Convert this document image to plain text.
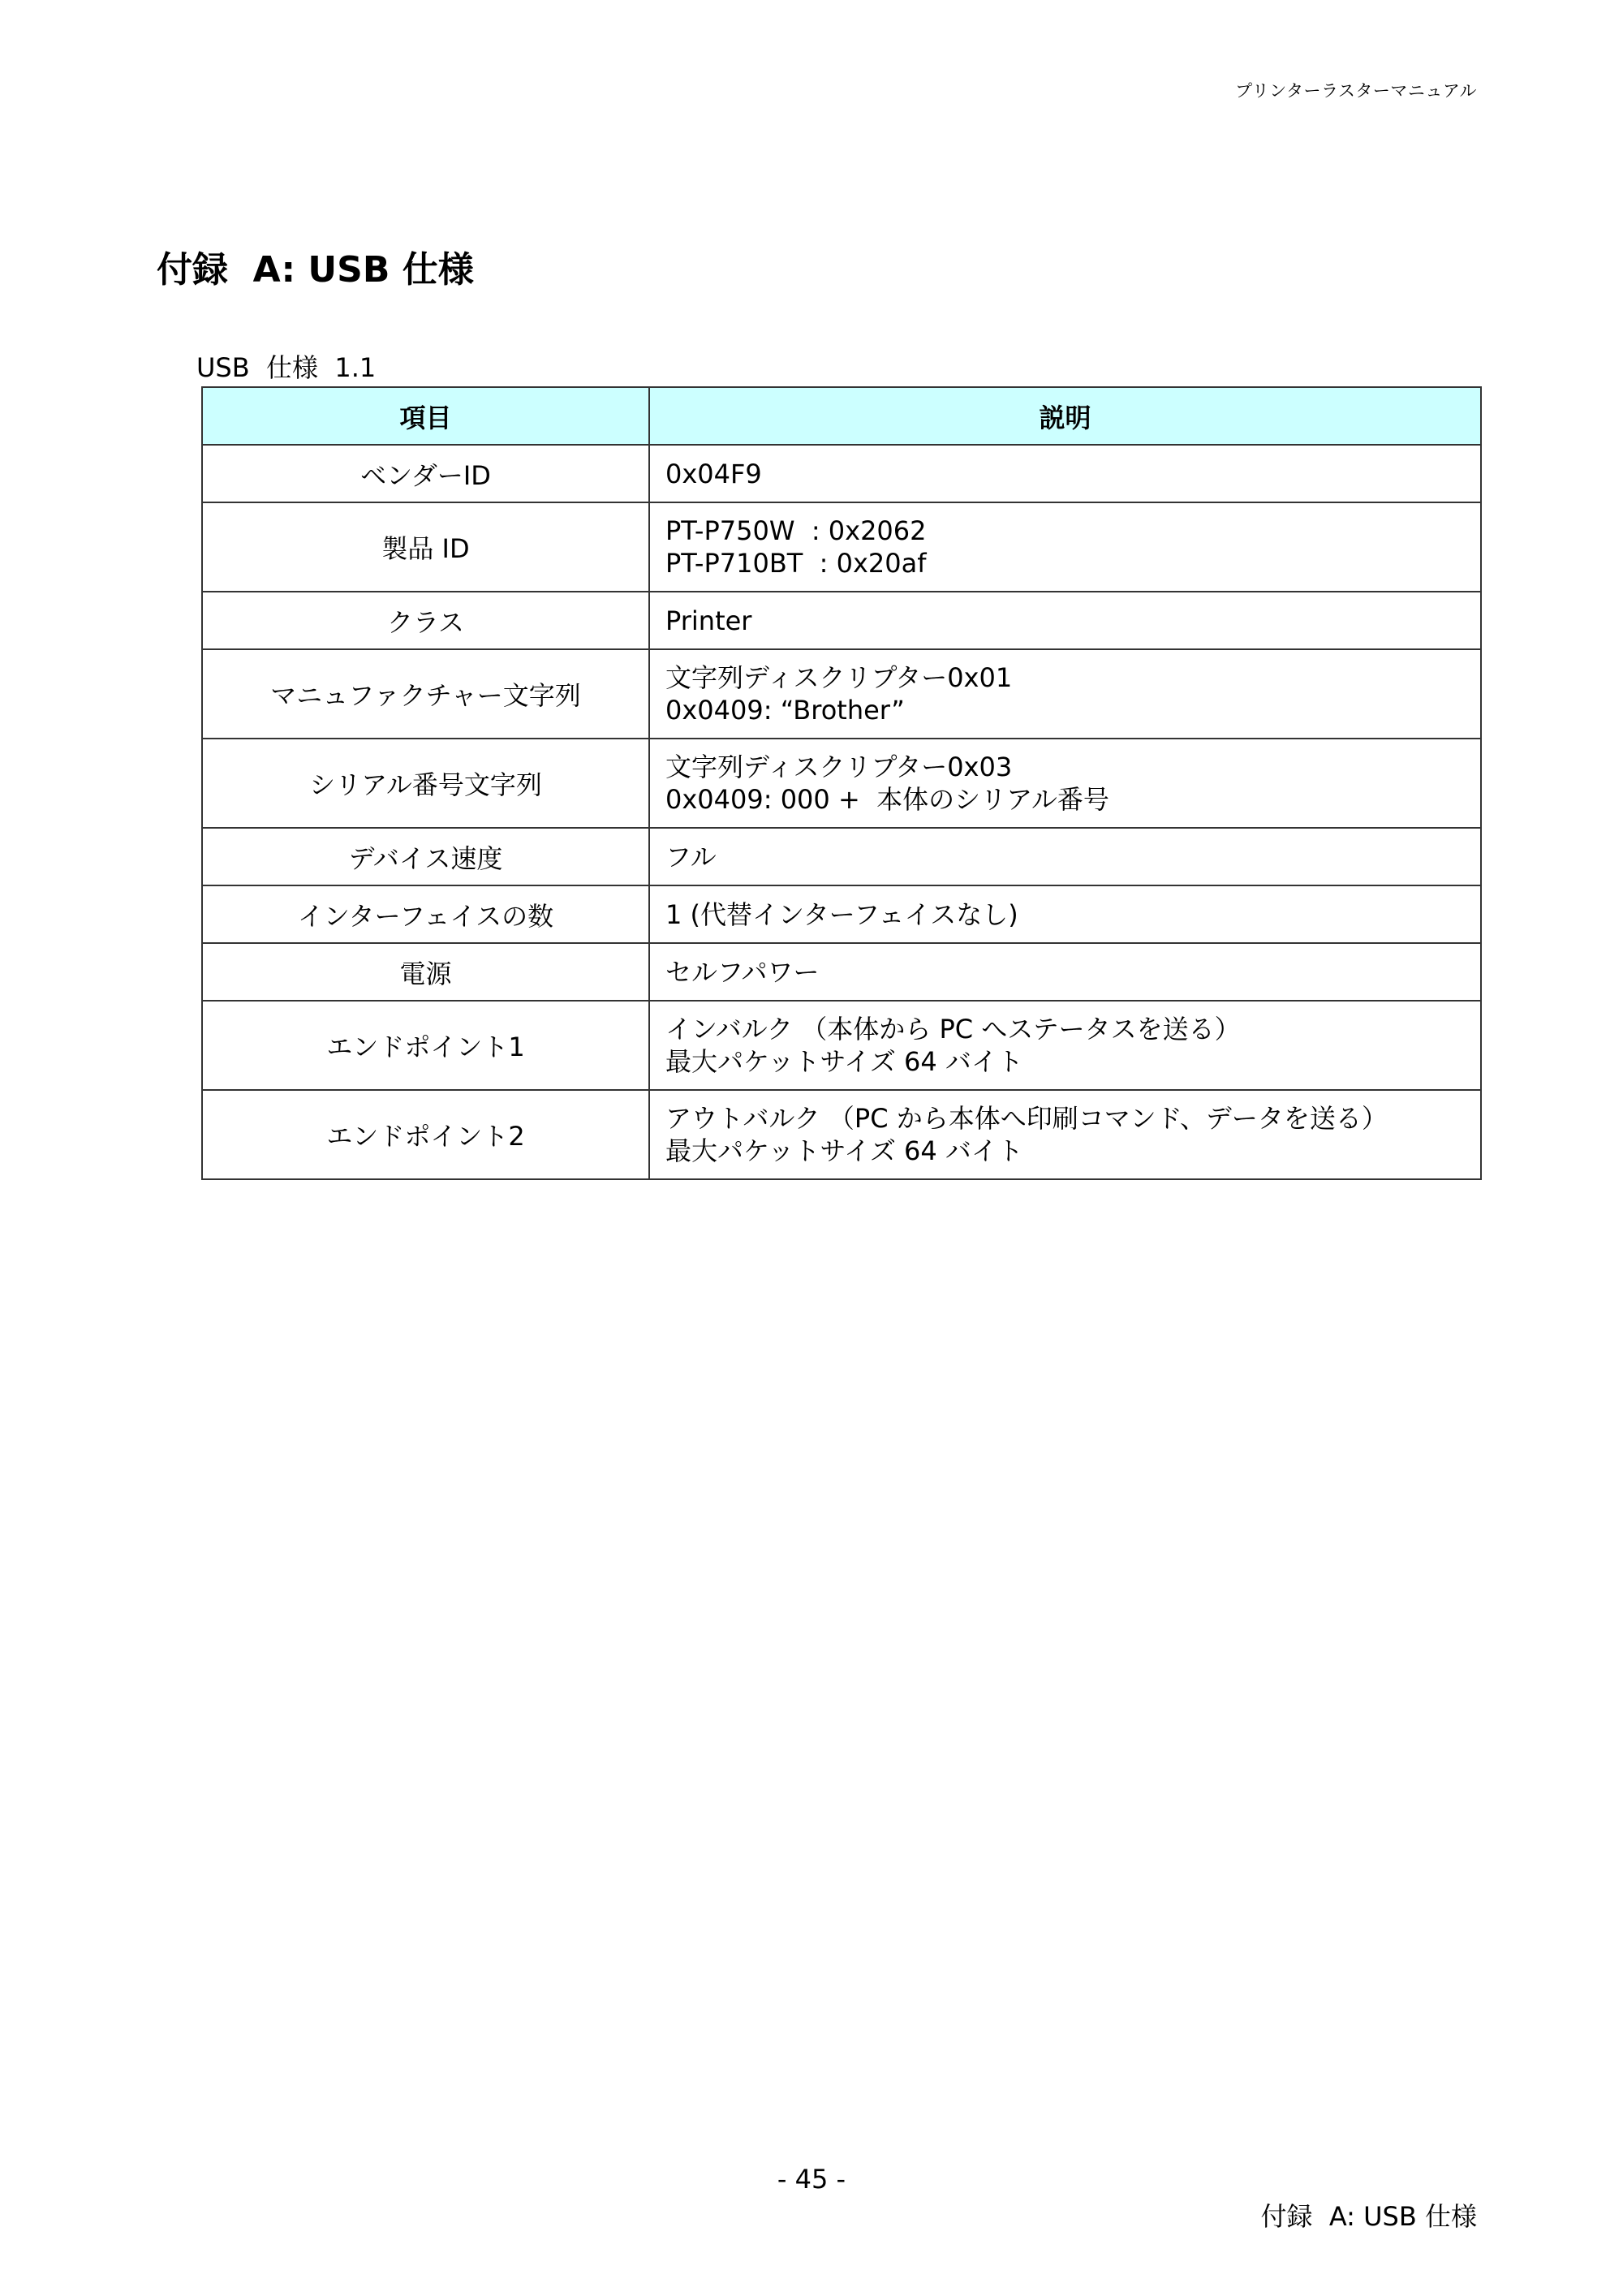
プリンターラスターマニュアル
付録  A: USB 仕様
USB  仕様  1.1
項目	説明
ベンダーID	0x04F9

製品 ID	PT-P750W  : 0x2062
PT-P710BT  : 0x20af

クラス	Printer

マニュファクチャー文字列	文字列ディスクリプター0x01
0x0409: “Brother”

シリアル番号文字列	文字列ディスクリプター0x03
0x0409: 000 +  本体のシリアル番号

デバイス速度	フル

インターフェイスの数	1 (代替インターフェイスなし)

電源	セルフパワー

エンドポイント1	インバルク （本体から PC へステータスを送る）
最大パケットサイズ 64 バイト

エンドポイント2	アウトバルク （PC から本体へ印刷コマンド、データを送る）
最大パケットサイズ 64 バイト
- 45 -
付録  A: USB 仕様
